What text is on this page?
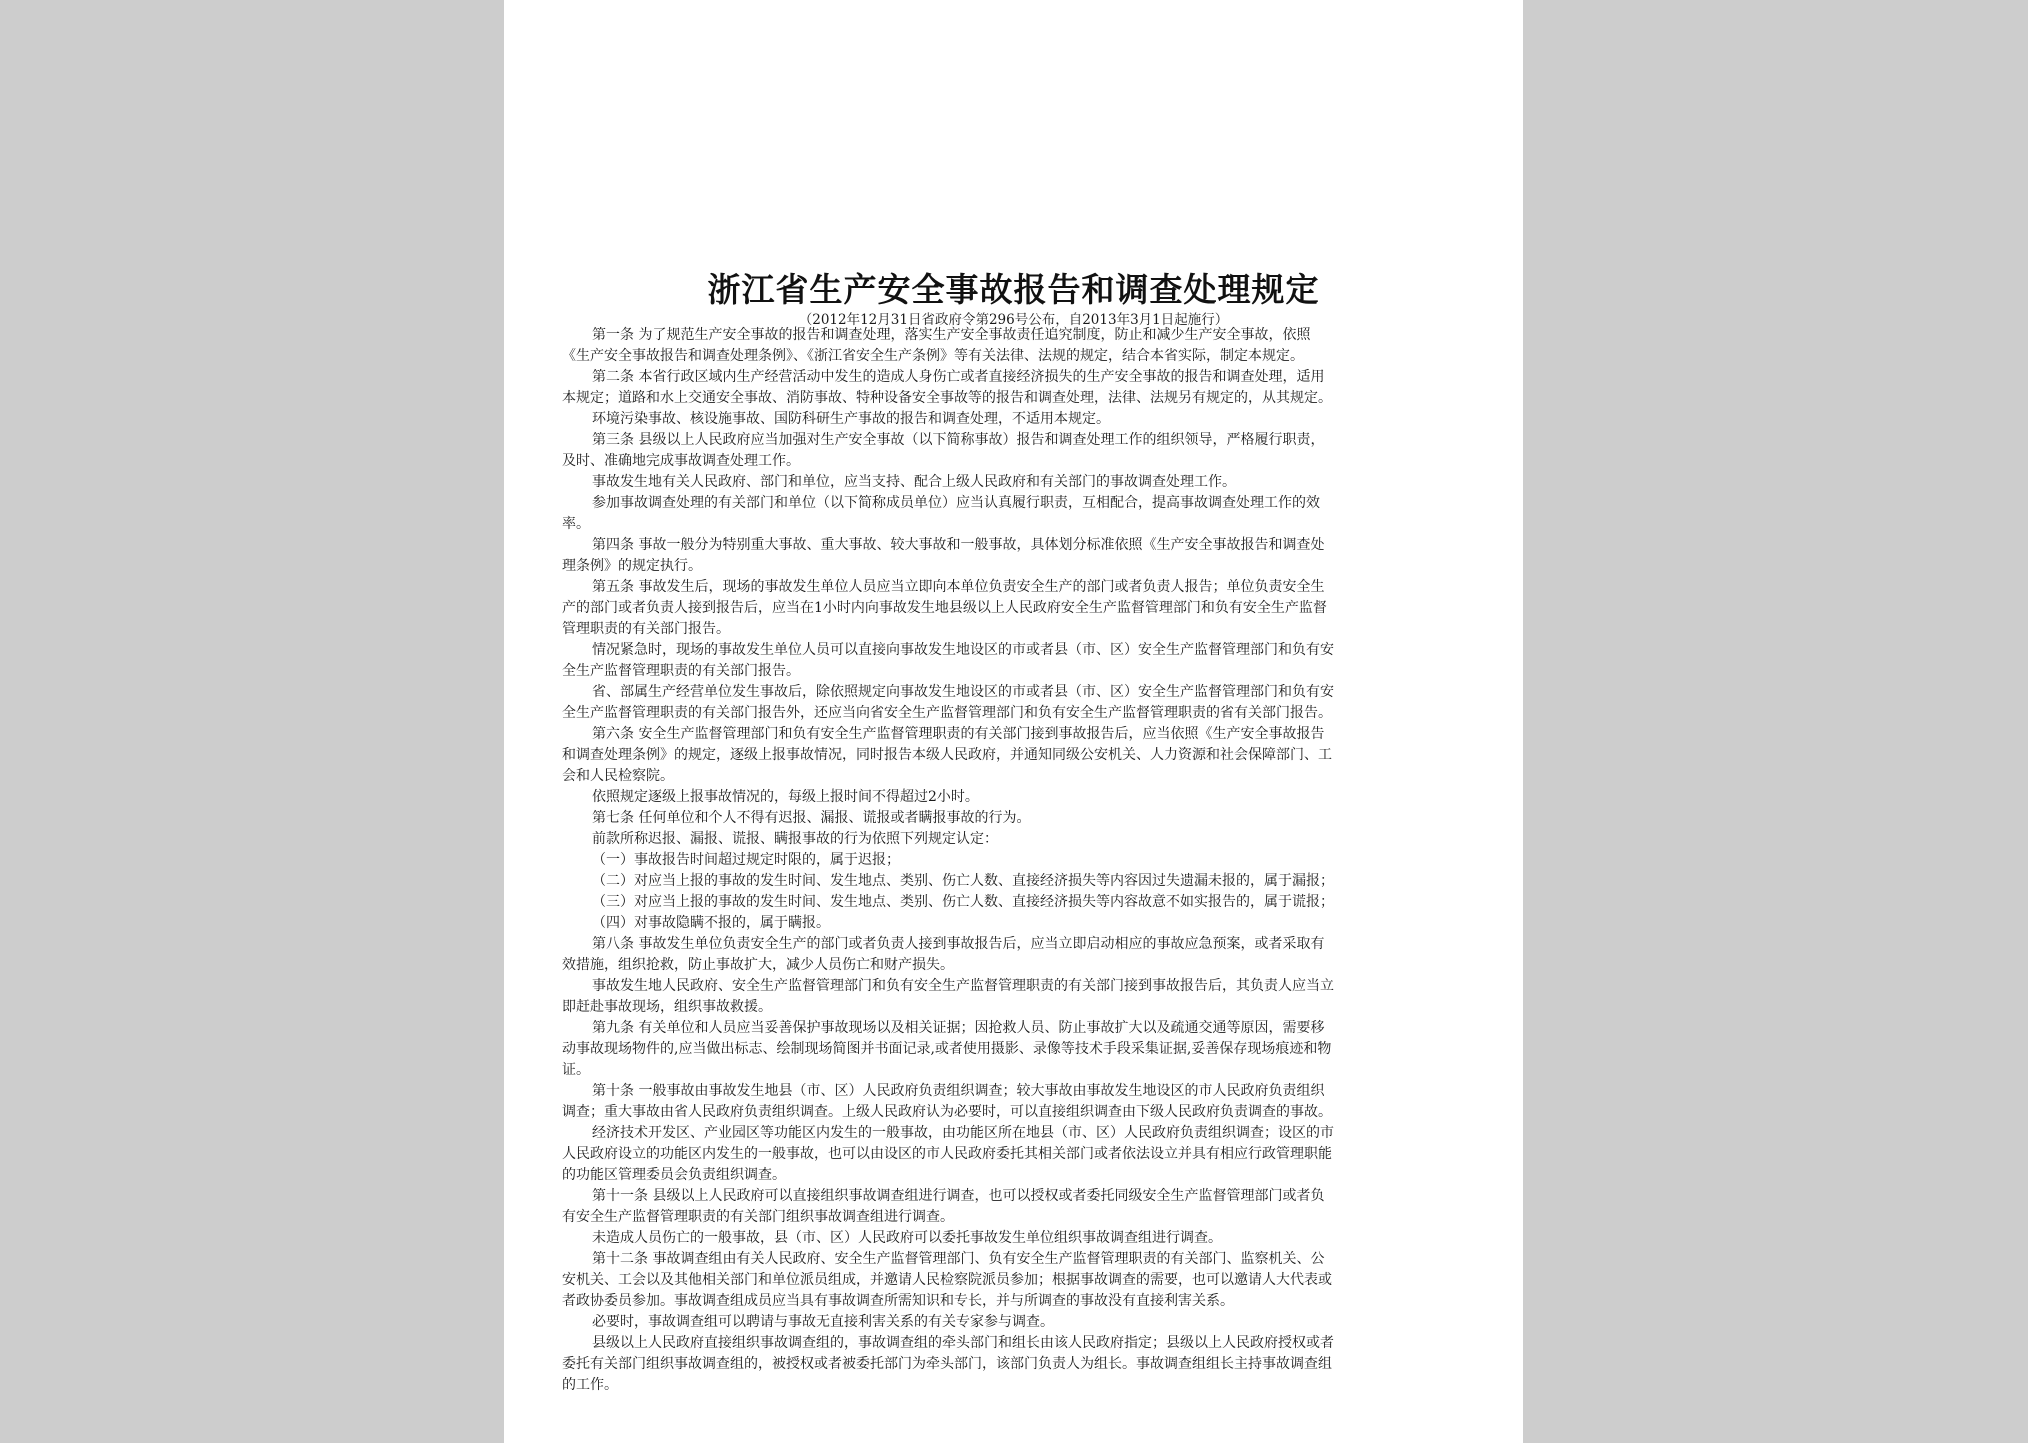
浙江省生产安全事故报告和调查处理规定
（2012年12月31日省政府令第296号公布，自2013年3月1日起施行）
第一条 为了规范生产安全事故的报告和调查处理，落实生产安全事故责任追究制度，防止和减少生产安全事故，依照
《生产安全事故报告和调查处理条例》、《浙江省安全生产条例》等有关法律、法规的规定，结合本省实际，制定本规定。
第二条 本省行政区域内生产经营活动中发生的造成人身伤亡或者直接经济损失的生产安全事故的报告和调查处理，适用
本规定；道路和水上交通安全事故、消防事故、特种设备安全事故等的报告和调查处理，法律、法规另有规定的，从其规定。
环境污染事故、核设施事故、国防科研生产事故的报告和调查处理，不适用本规定。
第三条 县级以上人民政府应当加强对生产安全事故（以下简称事故）报告和调查处理工作的组织领导，严格履行职责，
及时、准确地完成事故调查处理工作。
事故发生地有关人民政府、部门和单位，应当支持、配合上级人民政府和有关部门的事故调查处理工作。
参加事故调查处理的有关部门和单位（以下简称成员单位）应当认真履行职责，互相配合，提高事故调查处理工作的效
率。
第四条 事故一般分为特别重大事故、重大事故、较大事故和一般事故，具体划分标准依照《生产安全事故报告和调查处
理条例》的规定执行。
第五条 事故发生后，现场的事故发生单位人员应当立即向本单位负责安全生产的部门或者负责人报告；单位负责安全生
产的部门或者负责人接到报告后，应当在1小时内向事故发生地县级以上人民政府安全生产监督管理部门和负有安全生产监督
管理职责的有关部门报告。
情况紧急时，现场的事故发生单位人员可以直接向事故发生地设区的市或者县（市、区）安全生产监督管理部门和负有安
全生产监督管理职责的有关部门报告。
省、部属生产经营单位发生事故后，除依照规定向事故发生地设区的市或者县（市、区）安全生产监督管理部门和负有安
全生产监督管理职责的有关部门报告外，还应当向省安全生产监督管理部门和负有安全生产监督管理职责的省有关部门报告。
第六条 安全生产监督管理部门和负有安全生产监督管理职责的有关部门接到事故报告后，应当依照《生产安全事故报告
和调查处理条例》的规定，逐级上报事故情况，同时报告本级人民政府，并通知同级公安机关、人力资源和社会保障部门、工
会和人民检察院。
依照规定逐级上报事故情况的，每级上报时间不得超过2小时。
第七条 任何单位和个人不得有迟报、漏报、谎报或者瞒报事故的行为。
前款所称迟报、漏报、谎报、瞒报事故的行为依照下列规定认定：
（一）事故报告时间超过规定时限的，属于迟报；
（二）对应当上报的事故的发生时间、发生地点、类别、伤亡人数、直接经济损失等内容因过失遗漏未报的，属于漏报；
（三）对应当上报的事故的发生时间、发生地点、类别、伤亡人数、直接经济损失等内容故意不如实报告的，属于谎报；
（四）对事故隐瞒不报的，属于瞒报。
第八条 事故发生单位负责安全生产的部门或者负责人接到事故报告后，应当立即启动相应的事故应急预案，或者采取有
效措施，组织抢救，防止事故扩大，减少人员伤亡和财产损失。
事故发生地人民政府、安全生产监督管理部门和负有安全生产监督管理职责的有关部门接到事故报告后，其负责人应当立
即赶赴事故现场，组织事故救援。
第九条 有关单位和人员应当妥善保护事故现场以及相关证据；因抢救人员、防止事故扩大以及疏通交通等原因，需要移
动事故现场物件的,应当做出标志、绘制现场简图并书面记录,或者使用摄影、录像等技术手段采集证据,妥善保存现场痕迹和物
证。
第十条 一般事故由事故发生地县（市、区）人民政府负责组织调查；较大事故由事故发生地设区的市人民政府负责组织
调查；重大事故由省人民政府负责组织调查。上级人民政府认为必要时，可以直接组织调查由下级人民政府负责调查的事故。
经济技术开发区、产业园区等功能区内发生的一般事故，由功能区所在地县（市、区）人民政府负责组织调查；设区的市
人民政府设立的功能区内发生的一般事故，也可以由设区的市人民政府委托其相关部门或者依法设立并具有相应行政管理职能
的功能区管理委员会负责组织调查。
第十一条 县级以上人民政府可以直接组织事故调查组进行调查，也可以授权或者委托同级安全生产监督管理部门或者负
有安全生产监督管理职责的有关部门组织事故调查组进行调查。
未造成人员伤亡的一般事故，县（市、区）人民政府可以委托事故发生单位组织事故调查组进行调查。
第十二条 事故调查组由有关人民政府、安全生产监督管理部门、负有安全生产监督管理职责的有关部门、监察机关、公
安机关、工会以及其他相关部门和单位派员组成，并邀请人民检察院派员参加；根据事故调查的需要，也可以邀请人大代表或
者政协委员参加。事故调查组成员应当具有事故调查所需知识和专长，并与所调查的事故没有直接利害关系。
必要时，事故调查组可以聘请与事故无直接利害关系的有关专家参与调查。
县级以上人民政府直接组织事故调查组的，事故调查组的牵头部门和组长由该人民政府指定；县级以上人民政府授权或者
委托有关部门组织事故调查组的，被授权或者被委托部门为牵头部门，该部门负责人为组长。事故调查组组长主持事故调查组
的工作。
